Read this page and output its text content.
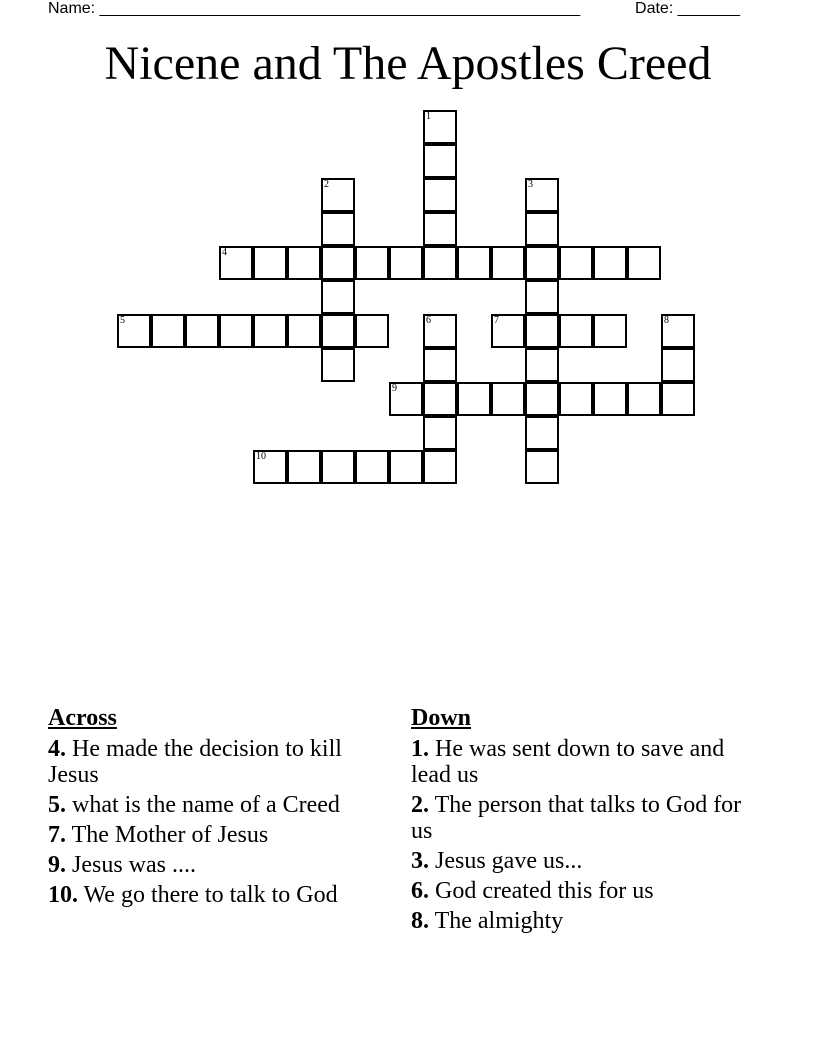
Name: ______________________________________________________	Date: _______
Nicene and The Apostles Creed
1
2	3
4
5	6	7	8
9
10
Across
4. He made the decision to kill Jesus
5. what is the name of a Creed
7. The Mother of Jesus
9. Jesus was ....
10. We go there to talk to God
Down
1. He was sent down to save and lead us
2. The person that talks to God for us
3. Jesus gave us...
6. God created this for us
8. The almighty
